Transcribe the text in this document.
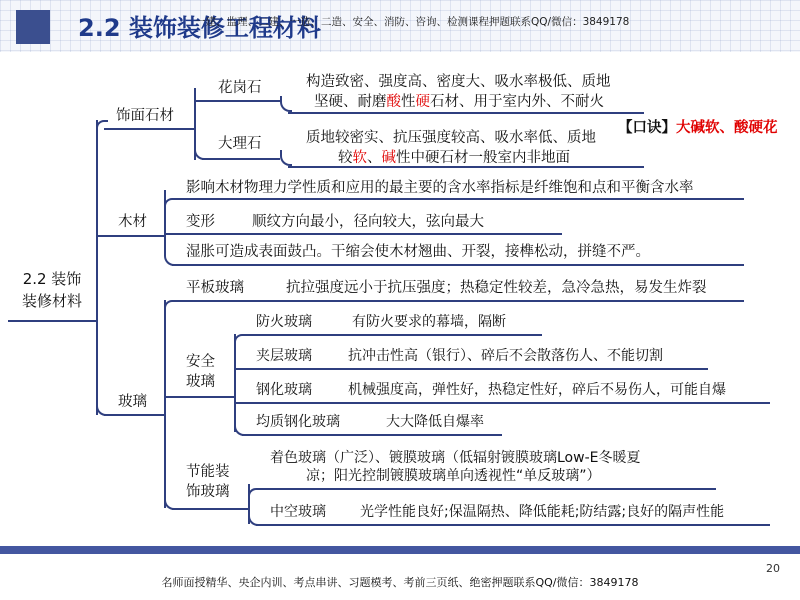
2.2 装饰装修工程材料
一建、监理、二建、一造、二造、安全、消防、咨询、检测课程押题联系QQ/微信：3849178
2.2 装饰装修材料
饰面石材
花岗石	构造致密、强度高、密度大、吸水率极低、质地
坚硬、耐磨酸性硬石材、用于室内外、不耐火
大理石	质地较密实、抗压强度较高、吸水率低、质地
较软、碱性中硬石材一般室内非地面
【口诀】大碱软、酸硬花
木材
影响木材物理力学性质和应用的最主要的含水率指标是纤维饱和点和平衡含水率
变形	顺纹方向最小，径向较大，弦向最大
湿胀可造成表面鼓凸。干缩会使木材翘曲、开裂，接榫松动，拼缝不严。
玻璃
平板玻璃	抗拉强度远小于抗压强度；热稳定性较差，急冷急热，易发生炸裂
安全
玻璃
防火玻璃	有防火要求的幕墙，隔断
夹层玻璃	抗冲击性高（银行）、碎后不会散落伤人、不能切割
钢化玻璃	机械强度高，弹性好，热稳定性好，碎后不易伤人，可能自爆
均质钢化玻璃	大大降低自爆率
节能装
饰玻璃
着色玻璃（广泛）、镀膜玻璃（低辐射镀膜玻璃Low-E冬暖夏
凉；阳光控制镀膜玻璃单向透视性“单反玻璃”）
中空玻璃 光学性能良好;保温隔热、降低能耗;防结露;良好的隔声性能
20
名师面授精华、央企内训、考点串讲、习题模考、考前三页纸、绝密押题联系QQ/微信：3849178
